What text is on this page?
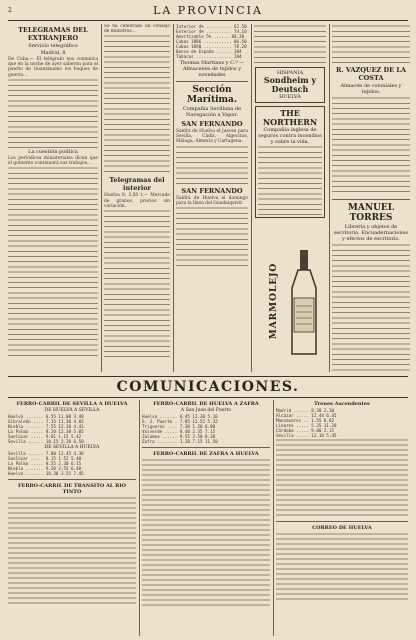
2	LA PROVINCIA
TELEGRAMAS DEL EXTRANJERO
Servicio telegráfico
Madrid, 8
De Cuba.— El telégrafo nos comunica que en la noche de ayer salieron para el puerto de Guantánamo los buques de guerra...
La cuestión política
Los periódicos ministeriales dicen que el gobierno continuará sus trabajos...
Se ha celebrado un consejo de ministros...
Telegramas del interior
Huelva 8, 3.50 t.— Mercado de granos, precios sin variación.
Interior 4% .......... 62.50
Exterior 4% .......... 74.10
Amortizable 5% ...... 84.20
Cubas 1886 ........... 86.50
Cubas 1890 ........... 78.20
Banco de España ...... 384
Tabacos .............. 204
Thomas Martinez y C.ª — Almacenes de tejidos y novedades
Sección Marítima.
Compañía Sevillana de Navegación a Vapor.
SAN FERNANDO
Saldrá de Huelva el jueves para Sevilla, Cádiz, Algeciras, Málaga, Almería y Cartagena.
SAN FERNANDO
Saldrá de Huelva el domingo para la línea del Guadalquivir.
HISPANIA
Sondheim y Deutsch
HUELVA
THE NORTHERN
Compañía inglesa de seguros contra incendios y sobre la vida.
MARMOLEJO
R. VAZQUEZ DE LA COSTA
Almacén de coloniales y tejidos.
MANUEL TORRES
Librería y objetos de escritorio. Encuadernaciones y efectos de escritorio.
COMUNICACIONES.
FERRO-CARRIL DE SEVILLA A HUELVA
DE HUELVA A SEVILLA
Huelva ....... 6.55 11.08 3.40
Gibraleón .... 7.15 11.30 4.02
Niebla ....... 7.55 12.10 4.41
La Palma ..... 8.20 12.38 5.05
Sanlúcar ..... 9.01 1.15 5.42
Sevilla ...... 10.15 2.20 6.50
DE SEVILLA A HUELVA
Sevilla ...... 7.00 12.45 4.30
Sanlúcar ..... 8.15 1.52 5.40
La Palma ..... 8.55 2.30 6.15
Niebla ....... 9.20 2.55 6.40
Huelva ....... 10.30 3.55 7.45
FERRO-CARRIL DE TRANSITO AL RIO TINTO
FERRO-CARRIL DE HUELVA A ZAFRA
A San Juan del Puerto
Huelva ....... 6.45 12.30 5.10
S. J. Puerto . 7.05 12.52 5.32
Trigueros .... 7.30 1.20 6.00
Valverde ..... 8.40 2.35 7.15
Zalamea ...... 9.55 3.50 8.30
Zafra ........ 1.20 7.15 11.50
FERRO-CARRIL DE ZAFRA A HUELVA
Trenes Ascendentes
Madrid ...... 8.30 2.30
Alcázar ..... 12.44 6.45
Manzanares .. 1.55 8.02
Linares ..... 5.35 11.20
Córdoba ..... 9.00 2.15
Sevilla ..... 12.10 5.45
CORREO DE HUELVA
